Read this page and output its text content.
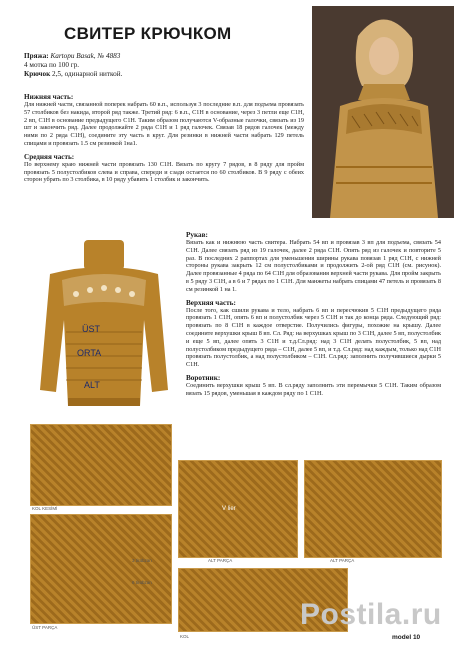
СВИТЕР КРЮЧКОМ
Пряжа: Kartopu Basak, № 4883
4 мотка по 100 гр.
Крючок 2,5, одинарной ниткой.
Нижняя часть:
Для нижней части, связанной поперек набрать 60 в.п., используя 3 последние в.п. для подъема провязать 57 столбиков без накида, второй ряд также. Третий ряд: 6 в.п., С1Н в основание, через 3 петли еще С1Н, 2 вп, С1Н в основание предыдущего С1Н. Таким образом получаются V-образные галочки, связать из 19 шт и закончить ряд. Далее продолжайте 2 ряда С1Н и 1 ряд галочек. Связав 18 рядов галочек (между ними по 2 ряда С1Н), соедините эту часть в круг. Для резинки в нижней части набрать 129 петель спицами и провязать 1.5 см резинкой 1на1.
Средняя часть:
По верхнему краю нижней части провязать 130 С1Н. Вязать по кругу 7 рядов, в 8 ряду для пройм провязать 5 полустолбиков слева и справа, спереди и сзади остается по 60 столбиков. В 9 ряду с обеих сторон убрать по 3 столбика, в 10 ряду убавить 1 столбик и закончить.
ÜST
ORTA
ALT
Рукав:
Вязать как и нижнюю часть свитера. Набрать 54 вп и провязав 3 вп для подъема, связать 54 С1Н. Далее связать ряд из 19 галочек, далее 2 ряда С1Н. Опять ряд из галочек и повторите 5 раз. В последних 2 раппортах для уменьшения ширины рукава повязав 1 ряд С1Н, с нижней стороны рукава закрыть 12 см полустолбиками и продолжить 2-ой ряд С1Н (см. рисунок). Далее провязанные 4 ряда по 64 С1Н для образования верхней части рукава. Для пройм закрыть в 5 ряду 3 С1Н, а в 6 и 7 рядах по 1 С1Н. Для манжеты набрать спицами 47 петель и провязать 8 см резинкой 1 на 1.
Верхняя часть:
После того, как сшили рукава и тело, набрать 6 вп и пересчюкив 5 С1Н предыдущего ряда провязать 1 С1Н, опять 6 вп и полустолбик через 5 С1Н и так до конца ряда. Следующий ряд: провязать по 8 С1Н в каждое отверстие. Получились фигуры, похожие на крышу. Далее соедините верхушки крыш 8 вп. Сл. Ряд: на верхушках крыш по 3 С1Н, далее 5 вп, полустолбик и еще 5 вп, далее опять 3 С1Н и т.д.Сл.ряд: над 3 С1Н делать полустолбик, 5 вп, над полустолбиком предыдущего ряда – С1Н, далее 5 вп, и т.д. Сл.ряд: над каждым, только над С1Н провязать полустолбик, а над полустолбиком – С1Н. Сл.ряд: заполнить получившиеся дырки 5 С1Н.
Воротник:
Соединить верхушки крыш 5 вп. В сл.ряду заполнить эти перемычки 5 С1Н. Таким образом вязать 15 рядов, уменьшая в каждом ряду по 1 С1Н.
KOL KESİMİ
ÜST PARÇA
3 tirabzan
6 tirabzan
V lier
ALT PARÇA	ALT PARÇA
KOL
Postila.ru
model 10
